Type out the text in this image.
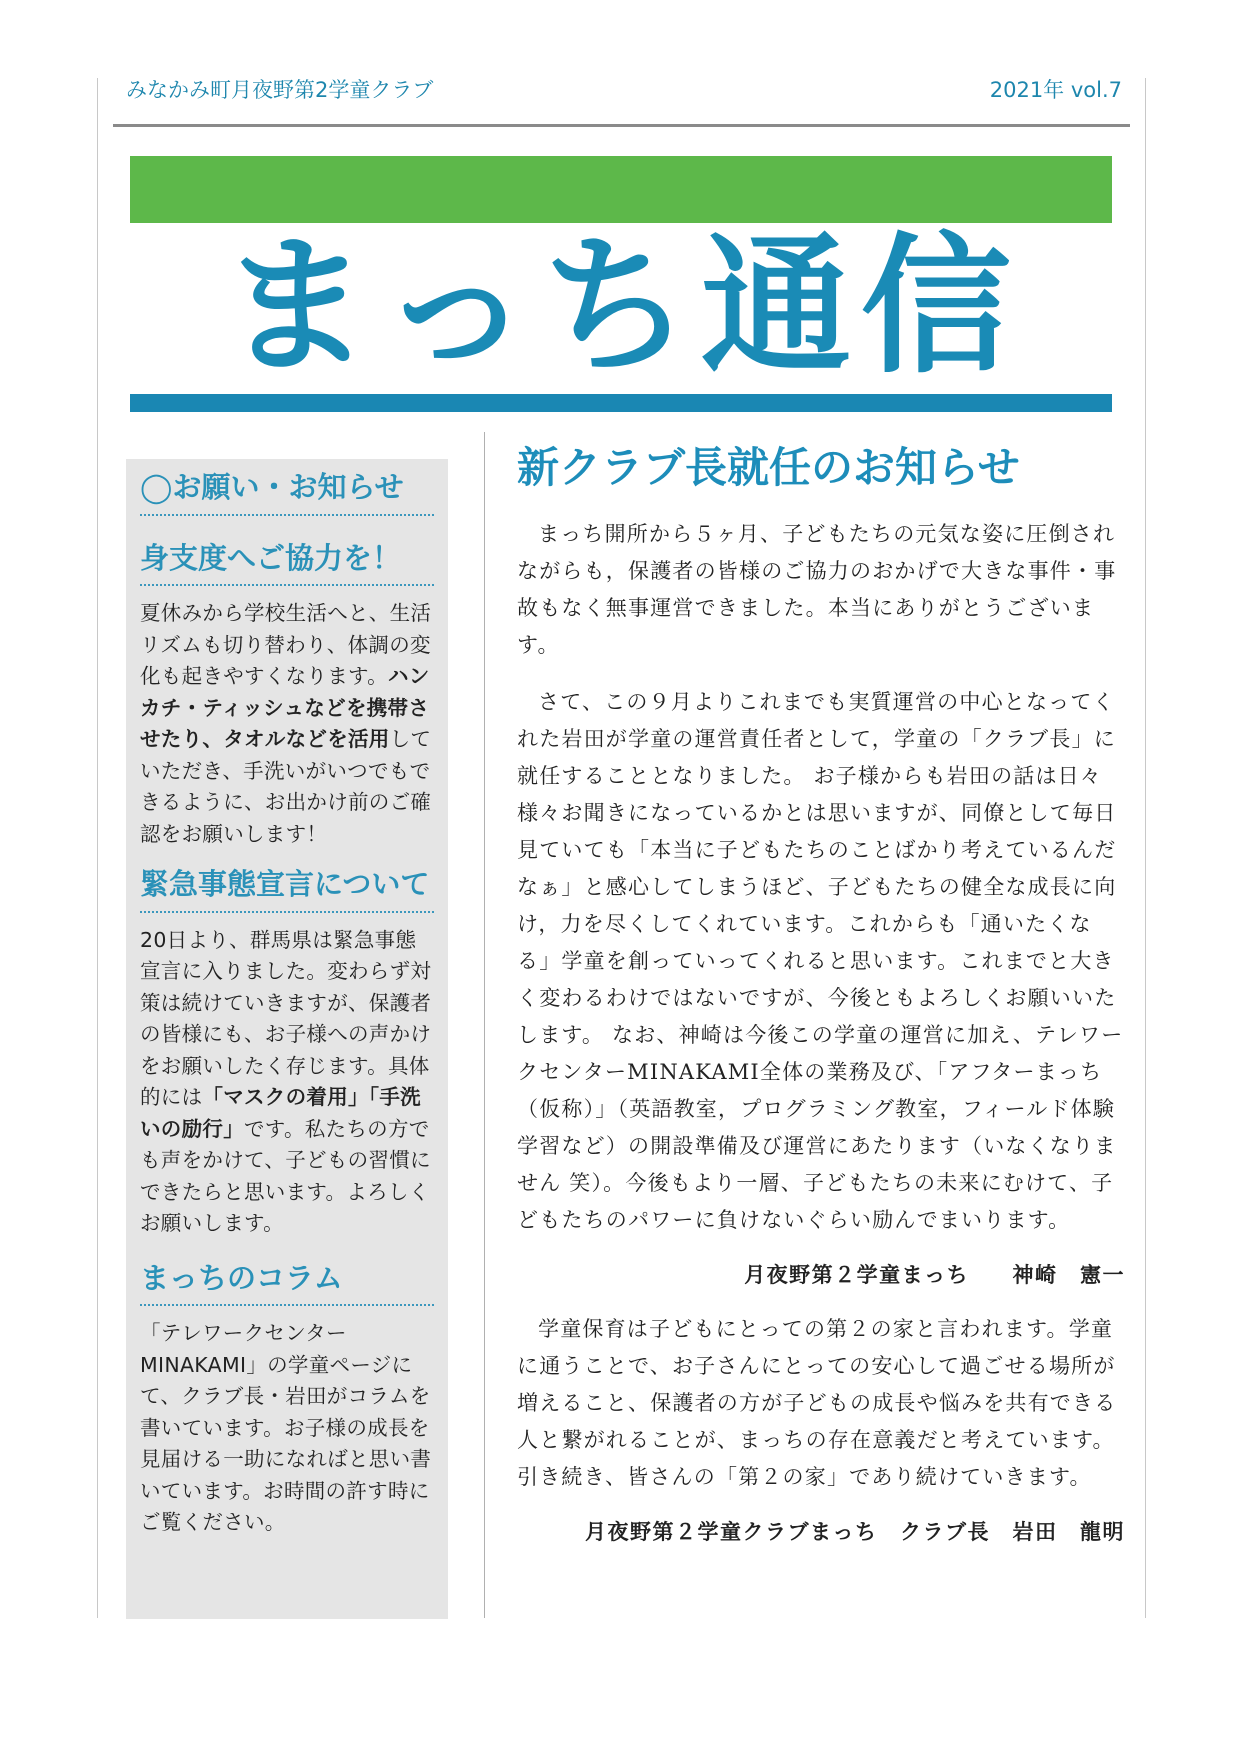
みなかみ町月夜野第2学童クラブ	2021年 vol.7
まっち通信
◯お願い・お知らせ
身支度へご協力を！

夏休みから学校生活へと、生活リズムも切り替わり、体調の変化も起きやすくなります。ハンカチ・ティッシュなどを携帯させたり、タオルなどを活用していただき、手洗いがいつでもできるように、お出かけ前のご確認をお願いします！

緊急事態宣言について

20日より、群馬県は緊急事態宣言に入りました。変わらず対策は続けていきますが、保護者の皆様にも、お子様への声かけをお願いしたく存じます。具体的には「マスクの着用」「手洗いの励行」です。私たちの方でも声をかけて、子どもの習慣にできたらと思います。よろしくお願いします。

まっちのコラム

「テレワークセンターMINAKAMI」の学童ページにて、クラブ長・岩田がコラムを書いています。お子様の成長を見届ける一助になればと思い書いています。お時間の許す時にご覧ください。

新クラブ長就任のお知らせ

まっち開所から５ヶ月、子どもたちの元気な姿に圧倒されながらも，保護者の皆様のご協力のおかげで大きな事件・事故もなく無事運営できました。本当にありがとうございます。

さて、この９月よりこれまでも実質運営の中心となってくれた岩田が学童の運営責任者として，学童の「クラブ長」に就任することとなりました。 お子様からも岩田の話は日々様々お聞きになっているかとは思いますが、同僚として毎日見ていても「本当に子どもたちのことばかり考えているんだなぁ」と感心してしまうほど、子どもたちの健全な成長に向け，力を尽くしてくれています。これからも「通いたくなる」学童を創っていってくれると思います。これまでと大きく変わるわけではないですが、今後ともよろしくお願いいたします。 なお、神崎は今後この学童の運営に加え、テレワークセンターMINAKAMI全体の業務及び、「アフターまっち（仮称）」（英語教室，プログラミング教室，フィールド体験学習など）の開設準備及び運営にあたります（いなくなりません 笑）。今後もより一層、子どもたちの未来にむけて、子どもたちのパワーに負けないぐらい励んでまいります。

月夜野第２学童まっち　 神崎　憲一

学童保育は子どもにとっての第２の家と言われます。学童に通うことで、お子さんにとっての安心して過ごせる場所が増えること、保護者の方が子どもの成長や悩みを共有できる人と繋がれることが、まっちの存在意義だと考えています。引き続き、皆さんの「第２の家」であり続けていきます。

月夜野第２学童クラブまっち　クラブ長　岩田　龍明
